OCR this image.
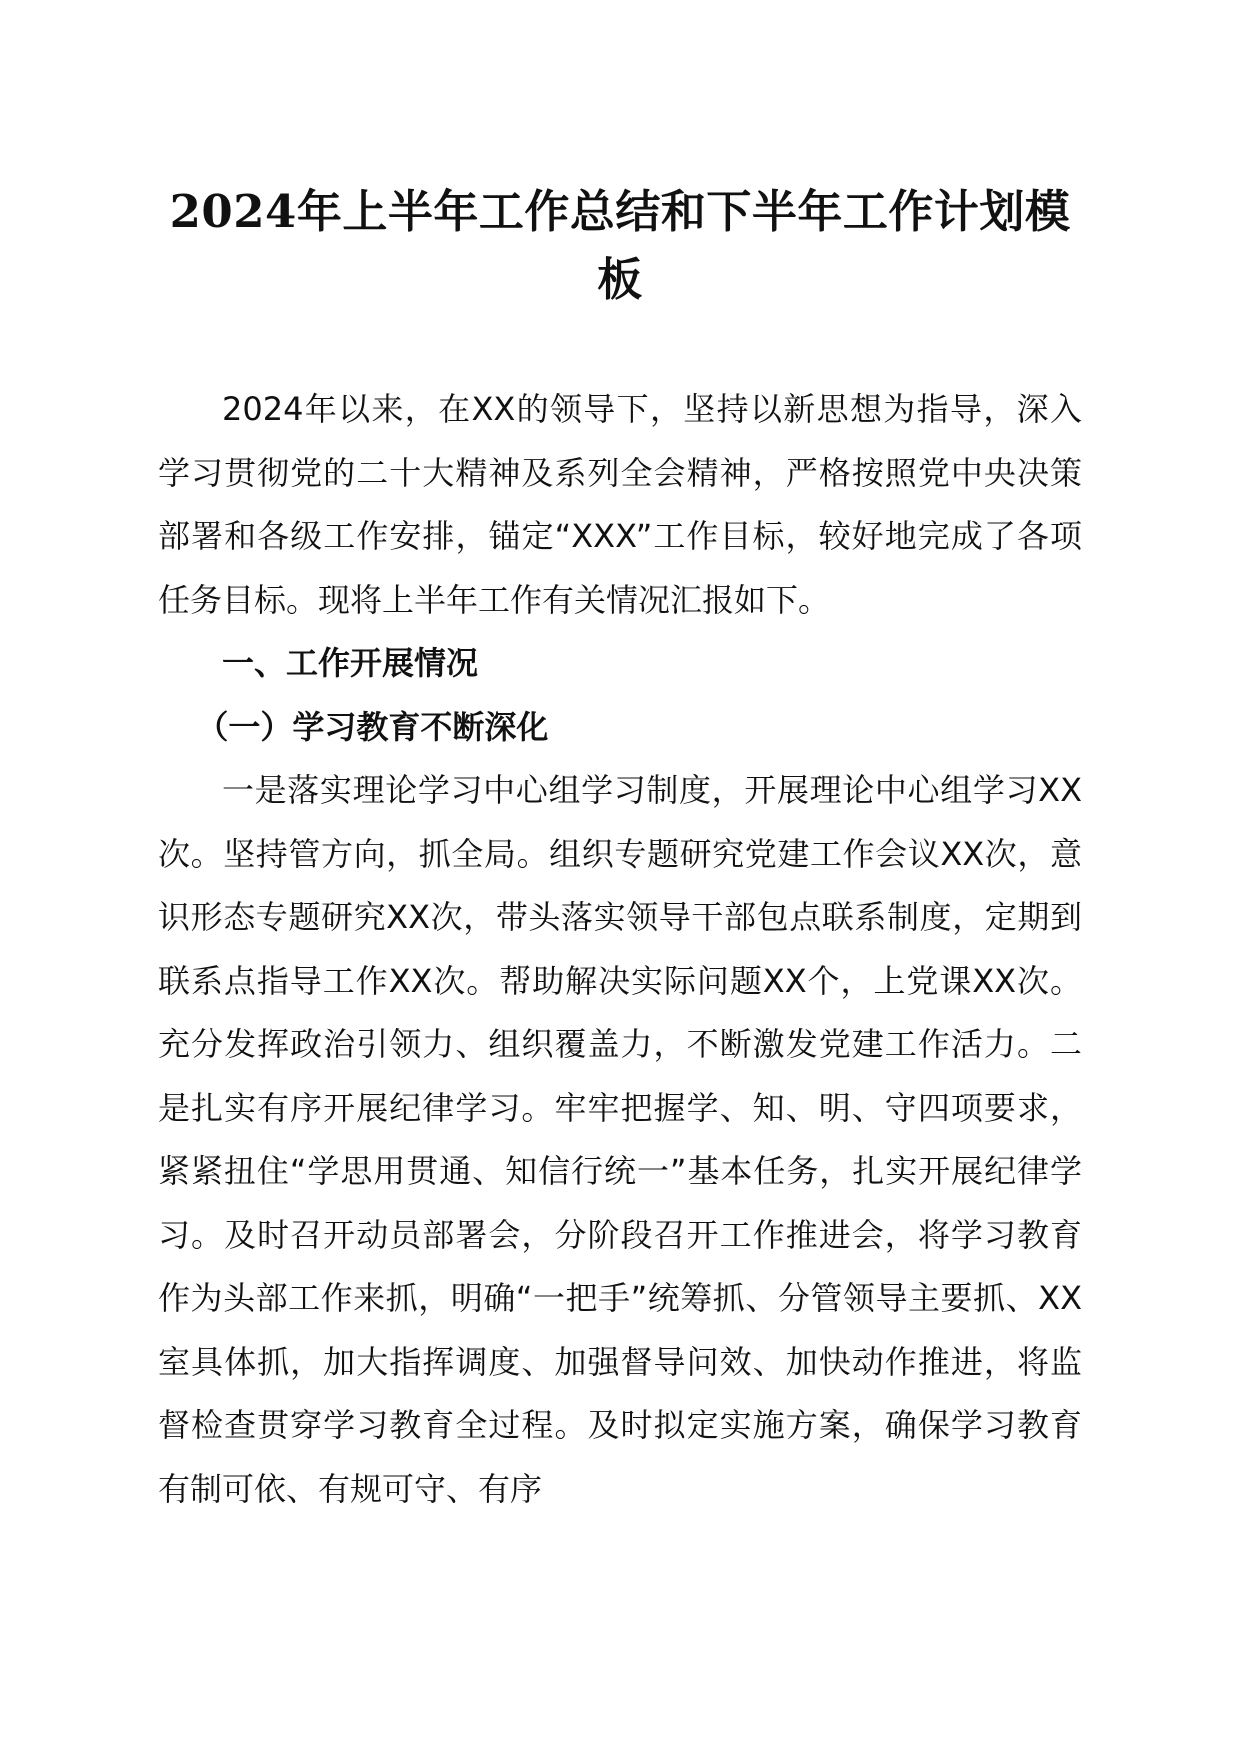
2024年上半年工作总结和下半年工作计划模板

2024年以来，在XX的领导下，坚持以新思想为指导，深入学习贯彻党的二十大精神及系列全会精神，严格按照党中央决策部署和各级工作安排，锚定“XXX”工作目标，较好地完成了各项任务目标。现将上半年工作有关情况汇报如下。

一、工作开展情况

（一）学习教育不断深化

一是落实理论学习中心组学习制度，开展理论中心组学习XX次。坚持管方向，抓全局。组织专题研究党建工作会议XX次，意识形态专题研究XX次，带头落实领导干部包点联系制度，定期到联系点指导工作XX次。帮助解决实际问题XX个，上党课XX次。充分发挥政治引领力、组织覆盖力，不断激发党建工作活力。二是扎实有序开展纪律学习。牢牢把握学、知、明、守四项要求，紧紧扭住“学思用贯通、知信行统一”基本任务，扎实开展纪律学习。及时召开动员部署会，分阶段召开工作推进会，将学习教育作为头部工作来抓，明确“一把手”统筹抓、分管领导主要抓、XX室具体抓，加大指挥调度、加强督导问效、加快动作推进，将监督检查贯穿学习教育全过程。及时拟定实施方案，确保学习教育有制可依、有规可守、有序
